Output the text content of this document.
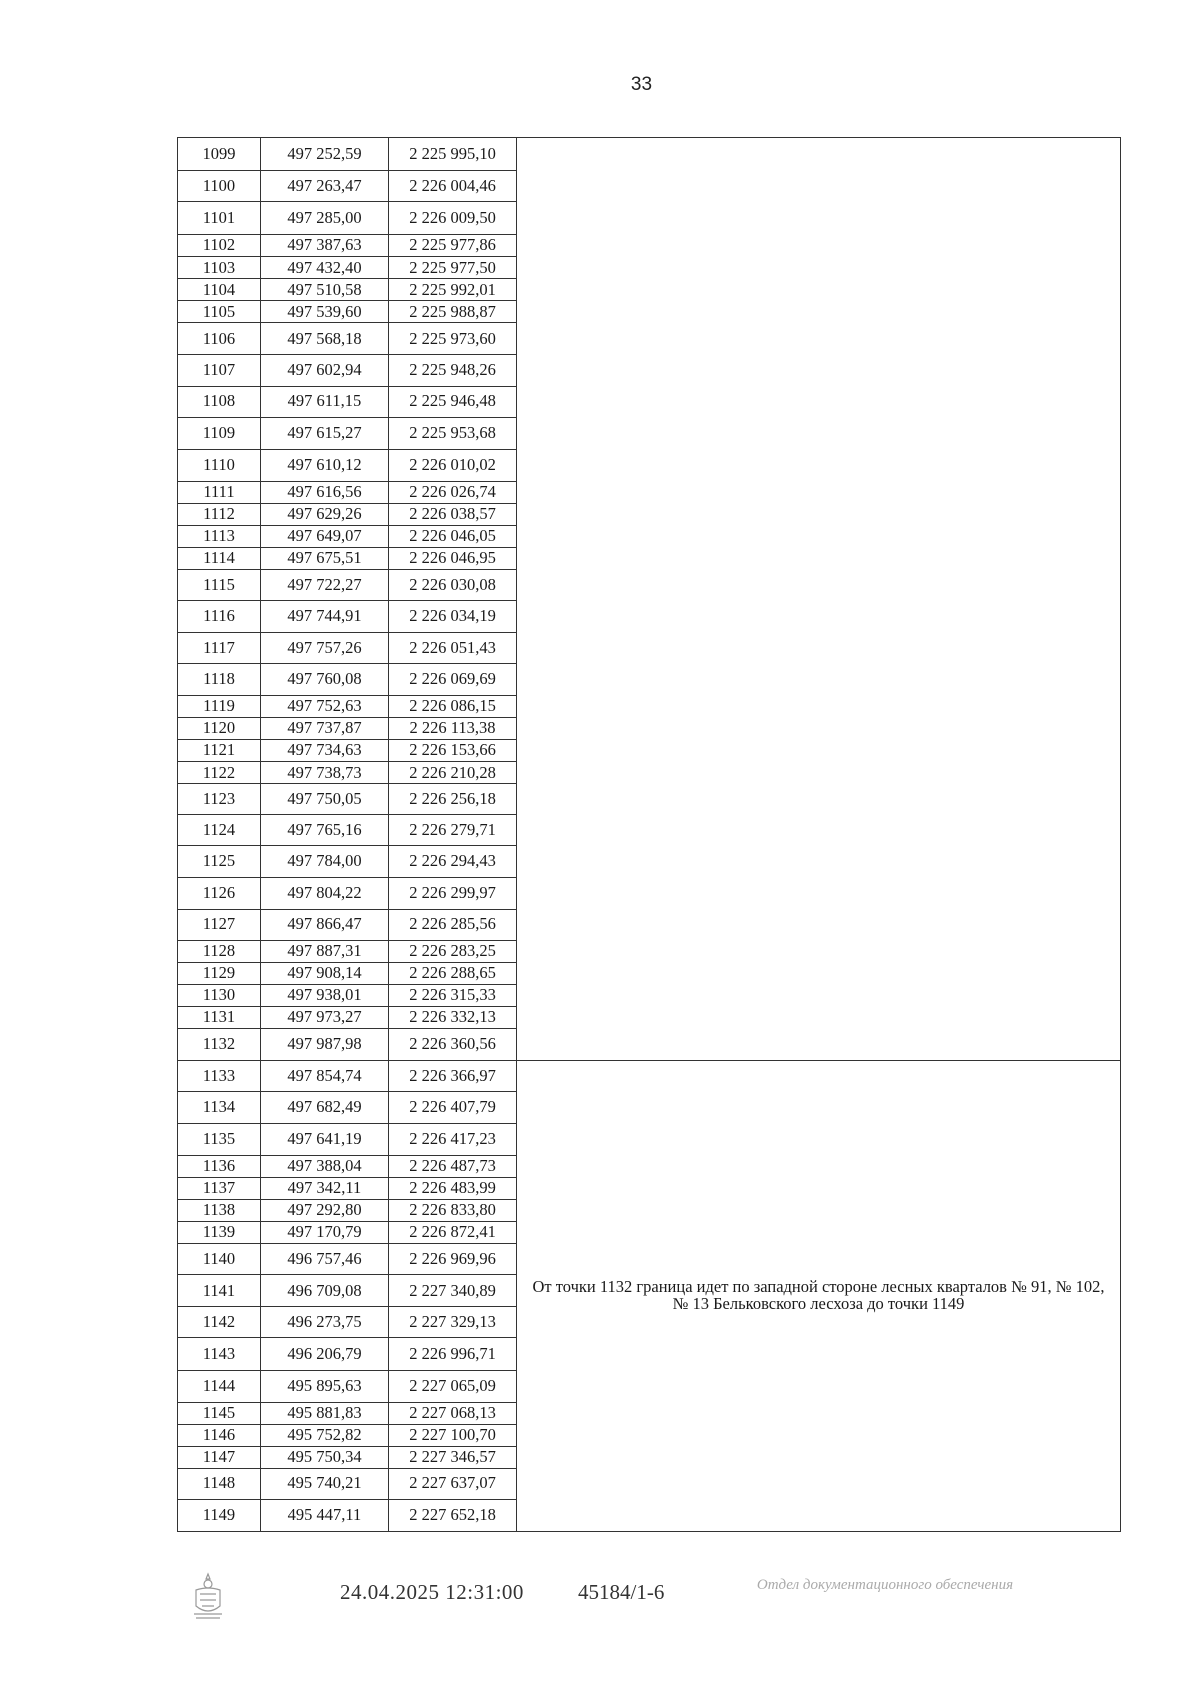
33
1099	497 252,59	2 225 995,10	
1100	497 263,47	2 226 004,46	
1101	497 285,00	2 226 009,50	
1102	497 387,63	2 225 977,86	
1103	497 432,40	2 225 977,50	
1104	497 510,58	2 225 992,01	
1105	497 539,60	2 225 988,87	
1106	497 568,18	2 225 973,60	
1107	497 602,94	2 225 948,26	
1108	497 611,15	2 225 946,48	
1109	497 615,27	2 225 953,68	
1110	497 610,12	2 226 010,02	
1111	497 616,56	2 226 026,74	
1112	497 629,26	2 226 038,57	
1113	497 649,07	2 226 046,05	
1114	497 675,51	2 226 046,95	
1115	497 722,27	2 226 030,08	
1116	497 744,91	2 226 034,19	
1117	497 757,26	2 226 051,43	
1118	497 760,08	2 226 069,69	
1119	497 752,63	2 226 086,15	
1120	497 737,87	2 226 113,38	
1121	497 734,63	2 226 153,66	
1122	497 738,73	2 226 210,28	
1123	497 750,05	2 226 256,18	
1124	497 765,16	2 226 279,71	
1125	497 784,00	2 226 294,43	
1126	497 804,22	2 226 299,97	
1127	497 866,47	2 226 285,56	
1128	497 887,31	2 226 283,25	
1129	497 908,14	2 226 288,65	
1130	497 938,01	2 226 315,33	
1131	497 973,27	2 226 332,13	
1132	497 987,98	2 226 360,56	
1133	497 854,74	2 226 366,97	От точки 1132 граница идет по западной стороне лесных кварталов № 91, № 102, № 13 Бельковского лесхоза до точки 1149
1134	497 682,49	2 226 407,79	
1135	497 641,19	2 226 417,23	
1136	497 388,04	2 226 487,73	
1137	497 342,11	2 226 483,99	
1138	497 292,80	2 226 833,80	
1139	497 170,79	2 226 872,41	
1140	496 757,46	2 226 969,96	
1141	496 709,08	2 227 340,89	
1142	496 273,75	2 227 329,13	
1143	496 206,79	2 226 996,71	
1144	495 895,63	2 227 065,09	
1145	495 881,83	2 227 068,13	
1146	495 752,82	2 227 100,70	
1147	495 750,34	2 227 346,57	
1148	495 740,21	2 227 637,07	
1149	495 447,11	2 227 652,18	
24.04.2025 12:31:00	45184/1-6	Отдел документационного обеспечения
